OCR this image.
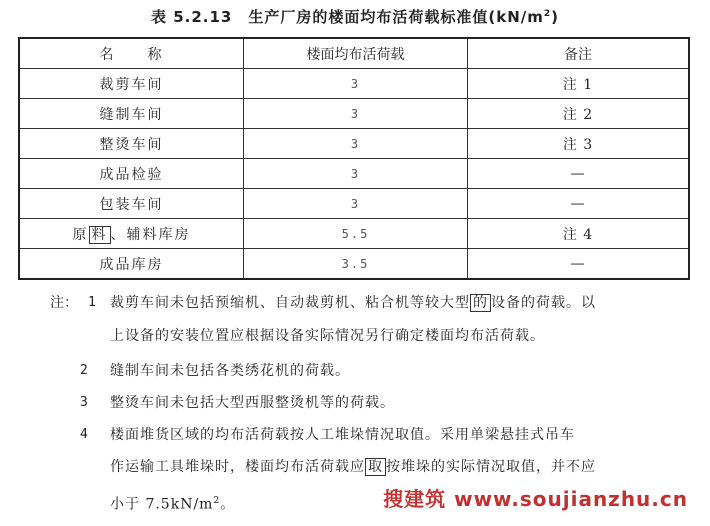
表 5.2.13　生产厂房的楼面均布活荷载标准值$(kN/m^2)$
名　　称	楼面均布活荷载	备注
裁剪车间	3	注 1
缝制车间	3	注 2
整烫车间	3	注 3
成品检验	3	—
包装车间	3	—
原 料 、辅料库房	5.5	注 4
成品库房	3.5	—
注： 1	裁剪车间未包括预缩机、自动裁剪机、粘合机等较大型 的 设备的荷载。以
上设备的安装位置应根据设备实际情况另行确定楼面均布活荷载。
2	缝制车间未包括各类绣花机的荷载。
3	整烫车间未包括大型西服整烫机等的荷载。
4	楼面堆货区域的均布活荷载按人工堆垛情况取值。采用单梁悬挂式吊车
作运输工具堆垛时，楼面均布活荷载应 取 按堆垛的实际情况取值，并不应
小于 $7.5kN/m^2$。	搜建筑 www.soujianzhu.cn
